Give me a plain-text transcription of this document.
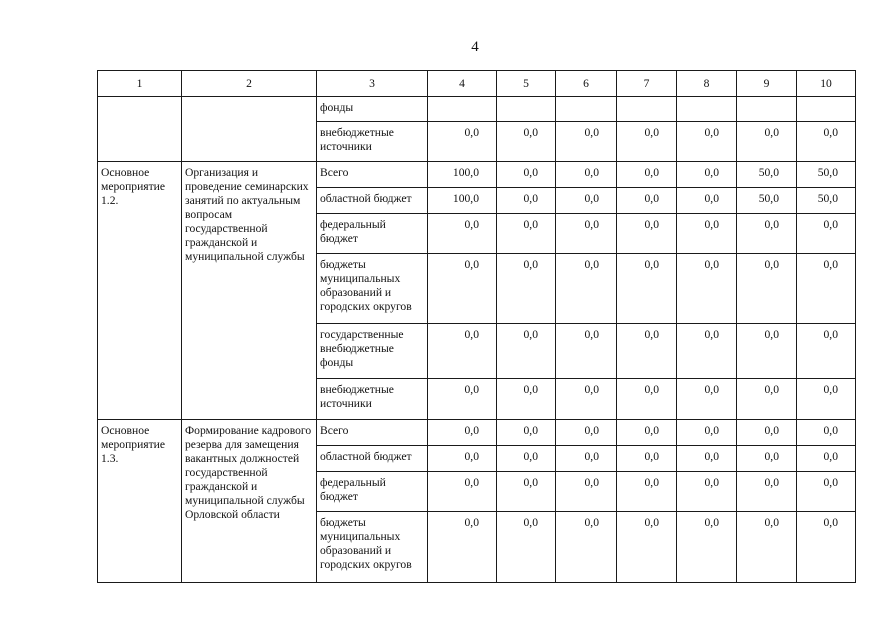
4
1	2	3	4	5	6	7	8	9	10
		фонды							
		внебюджетные источники	0,0	0,0	0,0	0,0	0,0	0,0	0,0
Основное мероприятие 1.2.	Организация и проведение семинарских занятий по актуальным вопросам государственной гражданской и муниципальной службы	Всего	100,0	0,0	0,0	0,0	0,0	50,0	50,0
		областной бюджет	100,0	0,0	0,0	0,0	0,0	50,0	50,0
		федеральный бюджет	0,0	0,0	0,0	0,0	0,0	0,0	0,0
		бюджеты муниципальных образований и городских округов	0,0	0,0	0,0	0,0	0,0	0,0	0,0
		государственные внебюджетные фонды	0,0	0,0	0,0	0,0	0,0	0,0	0,0
		внебюджетные источники	0,0	0,0	0,0	0,0	0,0	0,0	0,0
Основное мероприятие 1.3.	Формирование кадрового резерва для замещения вакантных должностей государственной гражданской и муниципальной службы Орловской области	Всего	0,0	0,0	0,0	0,0	0,0	0,0	0,0
		областной бюджет	0,0	0,0	0,0	0,0	0,0	0,0	0,0
		федеральный бюджет	0,0	0,0	0,0	0,0	0,0	0,0	0,0
		бюджеты муниципальных образований и городских округов	0,0	0,0	0,0	0,0	0,0	0,0	0,0
